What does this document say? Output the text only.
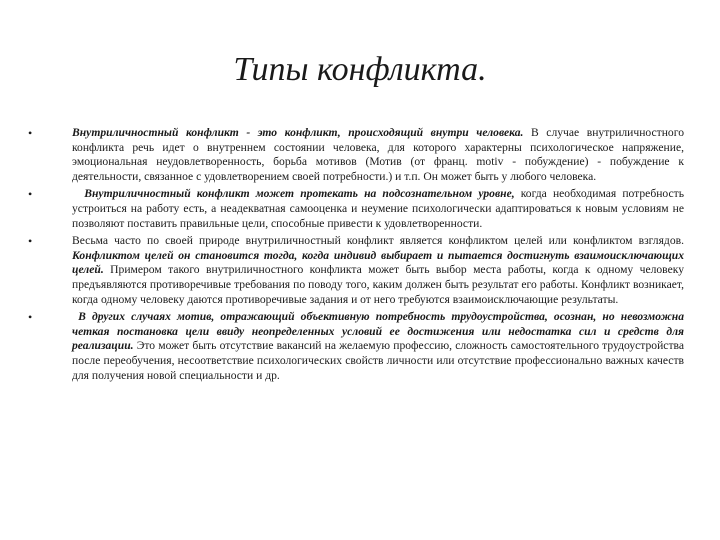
Типы конфликта.
•	Внутриличностный конфликт - это конфликт, происходящий внутри человека. В случае внутриличностного конфликта речь идет о внутреннем состоянии человека, для которого характерны психологическое напряжение, эмоциональная неудовлетворенность, борьба мотивов (Мотив (от франц. motiv - побуждение) - побуждение к деятельности, связанное с удовлетворением своей потребности.) и т.п. Он может быть у любого человека.
•	Внутриличностный конфликт может протекать на подсознательном уровне, когда необходимая потребность устроиться на работу есть, а неадекватная самооценка и неумение психологически адаптироваться к новым условиям не позволяют поставить правильные цели, способные привести к удовлетворенности.
•	Весьма часто по своей природе внутриличностный конфликт является конфликтом целей или конфликтом взглядов. Конфликтом целей он становится тогда, когда индивид выбирает и пытается достигнуть взаимоисключающих целей. Примером такого внутриличностного конфликта может быть выбор места работы, когда к одному человеку предъявляются противоречивые требования по поводу того, каким должен быть результат его работы. Конфликт возникает, когда одному человеку даются противоречивые задания и от него требуются взаимоисключающие результаты.
•	В других случаях мотив, отражающий объективную потребность трудоустройства, осознан, но невозможна четкая постановка цели ввиду неопределенных условий ее достижения или недостатка сил и средств для реализации. Это может быть отсутствие вакансий на желаемую профессию, сложность самостоятельного трудоустройства после переобучения, несоответствие психологических свойств личности или отсутствие профессионально важных качеств для получения новой специальности и др.
